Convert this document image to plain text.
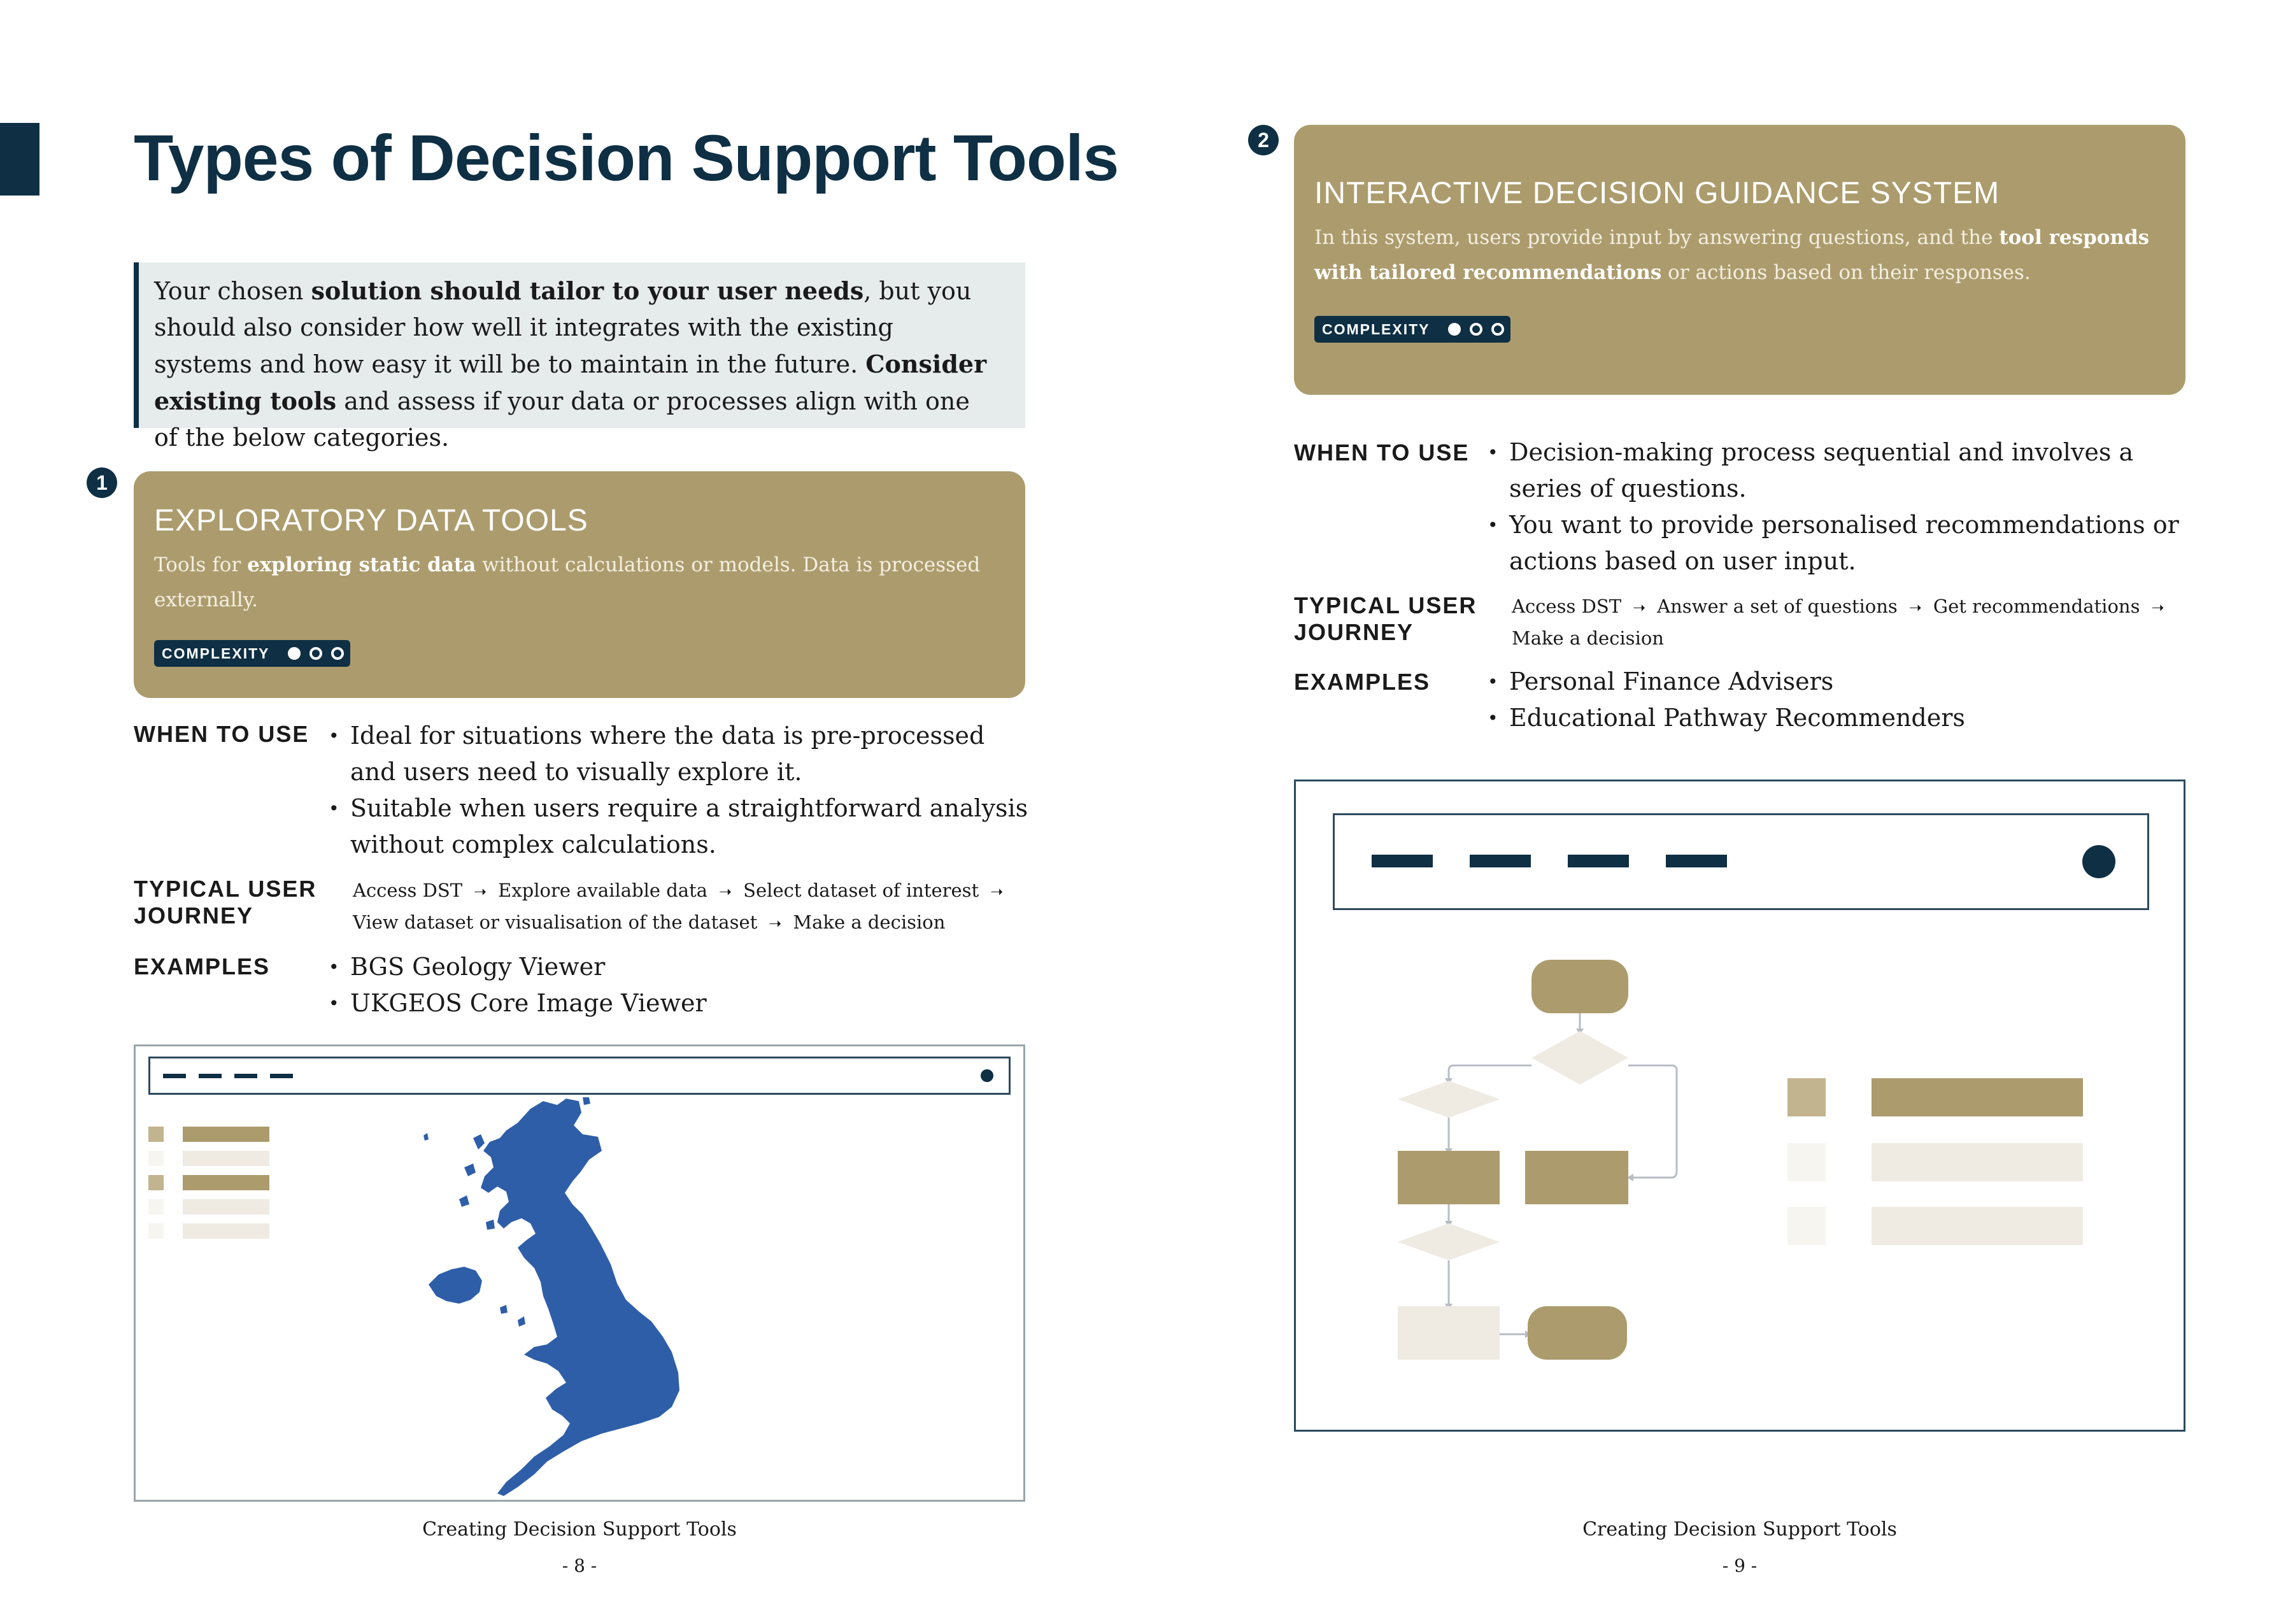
Types of Decision Support Tools
Your chosen solution should tailor to your user needs, but you should also consider how well it integrates with the existing systems and how easy it will be to maintain in the future. Consider existing tools and assess if your data or processes align with one of the below categories.
1
EXPLORATORY DATA TOOLS
Tools for exploring static data without calculations or models. Data is processed externally.
COMPLEXITY
WHEN TO USE	• Ideal for situations where the data is pre-processed and users need to visually explore it.
• Suitable when users require a straightforward analysis without complex calculations.
TYPICAL USER
JOURNEY
Access DST ➝ Explore available data ➝ Select dataset of interest ➝
View dataset or visualisation of the dataset ➝ Make a decision
EXAMPLES	• BGS Geology Viewer
• UKGEOS Core Image Viewer
Creating Decision Support Tools
- 8 -
2
INTERACTIVE DECISION GUIDANCE SYSTEM
In this system, users provide input by answering questions, and the tool responds with tailored recommendations or actions based on their responses.
COMPLEXITY
WHEN TO USE	• Decision-making process sequential and involves a series of questions.
• You want to provide personalised recommendations or actions based on user input.
TYPICAL USER
JOURNEY
Access DST ➝ Answer a set of questions ➝ Get recommendations ➝
Make a decision
EXAMPLES	• Personal Finance Advisers
• Educational Pathway Recommenders
Creating Decision Support Tools
- 9 -
